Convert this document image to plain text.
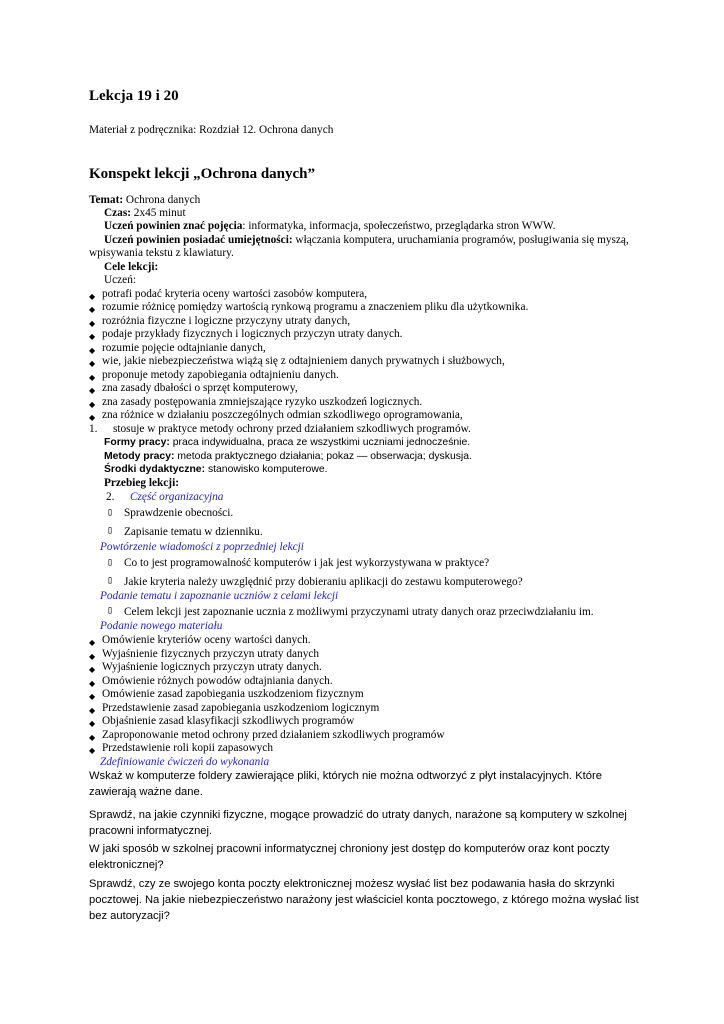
Lekcja 19 i 20
Materiał z podręcznika: Rozdział 12. Ochrona danych
Konspekt lekcji „Ochrona danych”
Temat: Ochrona danych
Czas: 2x45 minut
Uczeń powinien znać pojęcia: informatyka, informacja, społeczeństwo, przeglądarka stron WWW.
Uczeń powinien posiadać umiejętności: włączania komputera, uruchamiania programów, posługiwania się myszą,
wpisywania tekstu z klawiatury.
Cele lekcji:
Uczeń:
◆ potrafi podać kryteria oceny wartości zasobów komputera,
◆ rozumie różnicę pomiędzy wartością rynkową programu a znaczeniem pliku dla użytkownika.
◆ rozróżnia fizyczne i logiczne przyczyny utraty danych,
◆ podaje przykłady fizycznych i logicznych przyczyn utraty danych.
◆ rozumie pojęcie odtajnianie danych,
◆ wie, jakie niebezpieczeństwa wiążą się z odtajnieniem danych prywatnych i służbowych,
◆ proponuje metody zapobiegania odtajnieniu danych.
◆ zna zasady dbałości o sprzęt komputerowy,
◆ zna zasady postępowania zmniejszające ryzyko uszkodzeń logicznych.
◆ zna różnice w działaniu poszczególnych odmian szkodliwego oprogramowania,
1. stosuje w praktyce metody ochrony przed działaniem szkodliwych programów.
Formy pracy: praca indywidualna, praca ze wszystkimi uczniami jednocześnie.
Metody pracy: metoda praktycznego działania; pokaz — obserwacja; dyskusja.
Środki dydaktyczne: stanowisko komputerowe.
Przebieg lekcji:
2. Część organizacyjna
▯ Sprawdzenie obecności.
▯ Zapisanie tematu w dzienniku.
Powtórzenie wiadomości z poprzedniej lekcji
▯ Co to jest programowalność komputerów i jak jest wykorzystywana w praktyce?
▯ Jakie kryteria należy uwzględnić przy dobieraniu aplikacji do zestawu komputerowego?
Podanie tematu i zapoznanie uczniów z celami lekcji
▯ Celem lekcji jest zapoznanie ucznia z możliwymi przyczynami utraty danych oraz przeciwdziałaniu im.
Podanie nowego materiału
◆ Omówienie kryteriów oceny wartości danych.
◆ Wyjaśnienie fizycznych przyczyn utraty danych
◆ Wyjaśnienie logicznych przyczyn utraty danych.
◆ Omówienie różnych powodów odtajniania danych.
◆ Omówienie zasad zapobiegania uszkodzeniom fizycznym
◆ Przedstawienie zasad zapobiegania uszkodzeniom logicznym
◆ Objaśnienie zasad klasyfikacji szkodliwych programów
◆ Zaproponowanie metod ochrony przed działaniem szkodliwych programów
◆ Przedstawienie roli kopii zapasowych
Zdefiniowanie ćwiczeń do wykonania
Wskaż w komputerze foldery zawierające pliki, których nie można odtworzyć z płyt instalacyjnych. Które
zawierają ważne dane.
Sprawdź, na jakie czynniki fizyczne, mogące prowadzić do utraty danych, narażone są komputery w szkolnej
pracowni informatycznej.
W jaki sposób w szkolnej pracowni informatycznej chroniony jest dostęp do komputerów oraz kont poczty
elektronicznej?
Sprawdź, czy ze swojego konta poczty elektronicznej możesz wysłać list bez podawania hasła do skrzynki
pocztowej. Na jakie niebezpieczeństwo narażony jest właściciel konta pocztowego, z którego można wysłać list
bez autoryzacji?
